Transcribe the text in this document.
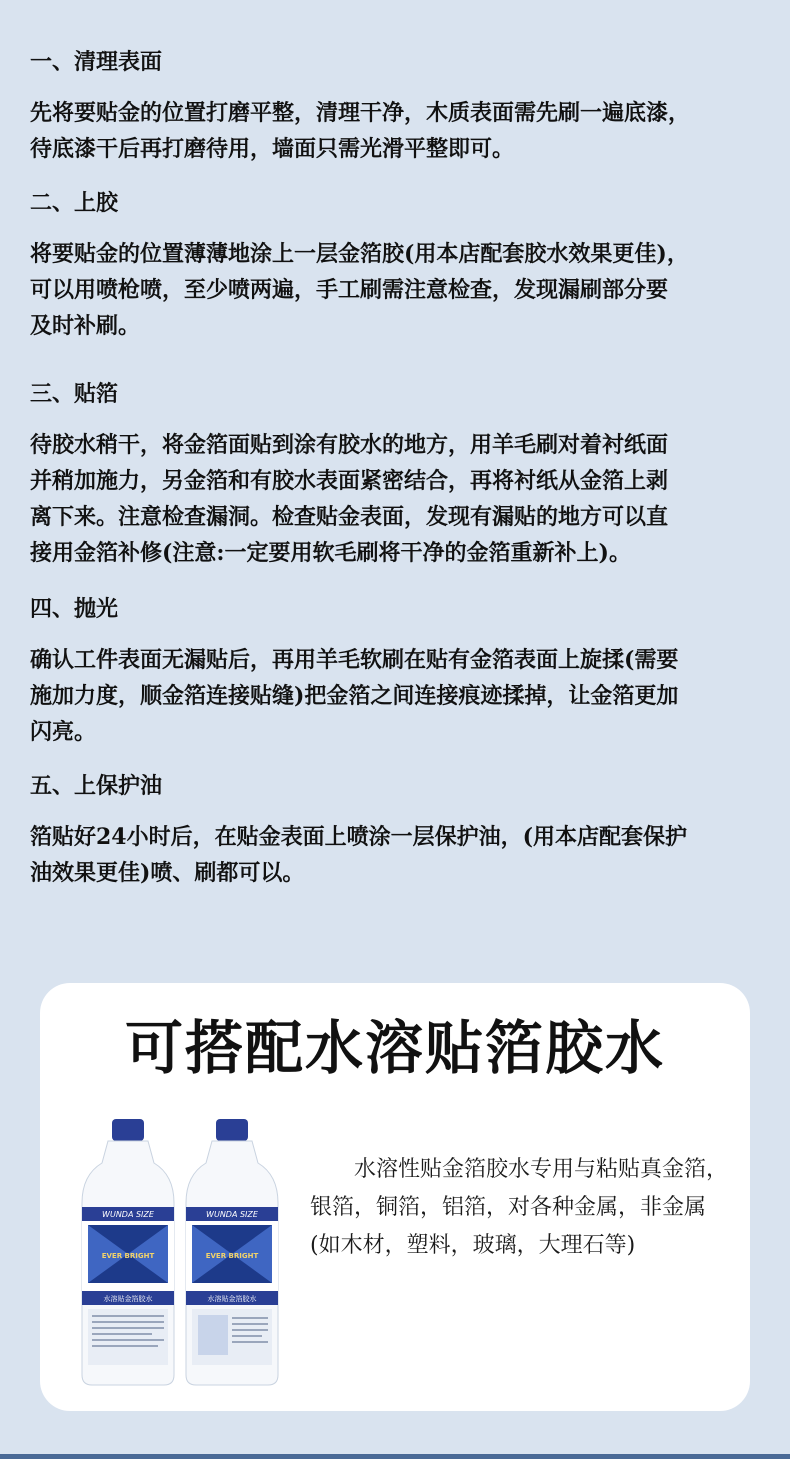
一、清理表面

先将要贴金的位置打磨平整，清理干净，木质表面需先刷一遍底漆，

待底漆干后再打磨待用，墙面只需光滑平整即可。

二、上胶

将要贴金的位置薄薄地涂上一层金箔胶(用本店配套胶水效果更佳)，

可以用喷枪喷，至少喷两遍，手工刷需注意检查，发现漏刷部分要

及时补刷。

三、贴箔

待胶水稍干，将金箔面贴到涂有胶水的地方，用羊毛刷对着衬纸面

并稍加施力，另金箔和有胶水表面紧密结合，再将衬纸从金箔上剥

离下来。注意检查漏洞。检查贴金表面，发现有漏贴的地方可以直

接用金箔补修(注意:一定要用软毛刷将干净的金箔重新补上)。

四、抛光

确认工件表面无漏贴后，再用羊毛软刷在贴有金箔表面上旋揉(需要

施加力度，顺金箔连接贴缝)把金箔之间连接痕迹揉掉，让金箔更加

闪亮。

五、上保护油

箔贴好24小时后，在贴金表面上喷涂一层保护油，(用本店配套保护

油效果更佳)喷、刷都可以。

可搭配水溶贴箔胶水
WUNDA SIZE
EVER BRIGHT
水溶贴金箔胶水
WUNDA SIZE
EVER BRIGHT
水溶贴金箔胶水
水溶性贴金箔胶水专用与粘贴真金箔，银箔，铜箔，铝箔，对各种金属，非金属(如木材，塑料，玻璃，大理石等)
